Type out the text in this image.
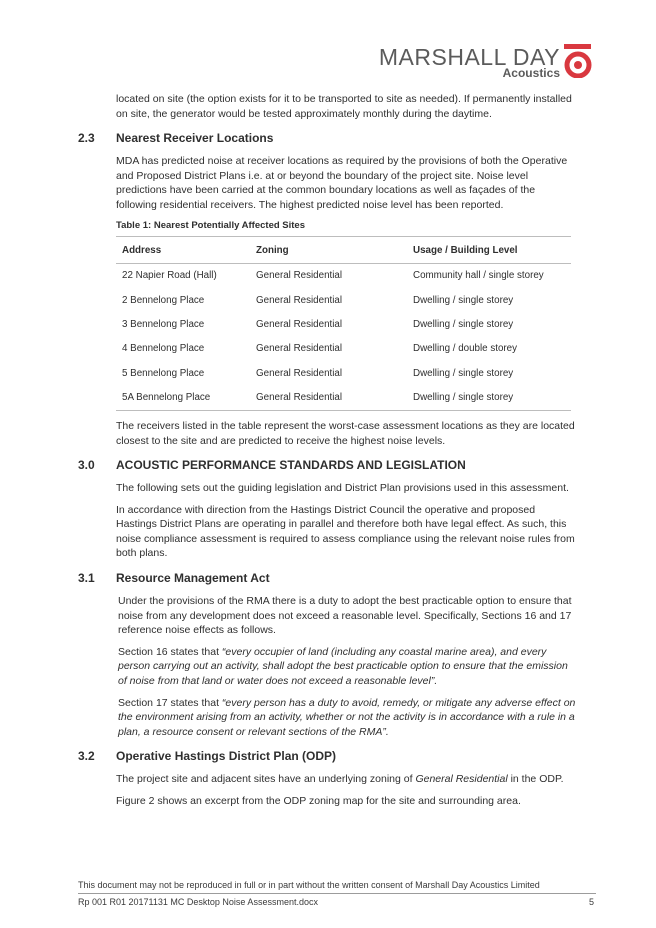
MARSHALL DAY
Acoustics

located on site (the option exists for it to be transported to site as needed). If permanently installed on site, the generator would be tested approximately monthly during the daytime.

2.3 Nearest Receiver Locations

MDA has predicted noise at receiver locations as required by the provisions of both the Operative and Proposed District Plans i.e. at or beyond the boundary of the project site. Noise level predictions have been carried at the common boundary locations as well as façades of the following residential receivers. The highest predicted noise level has been reported.

Table 1: Nearest Potentially Affected Sites
Address	Zoning	Usage / Building Level
22 Napier Road (Hall)	General Residential	Community hall / single storey
2 Bennelong Place	General Residential	Dwelling / single storey
3 Bennelong Place	General Residential	Dwelling / single storey
4 Bennelong Place	General Residential	Dwelling / double storey
5 Bennelong Place	General Residential	Dwelling / single storey
5A Bennelong Place	General Residential	Dwelling / single storey

The receivers listed in the table represent the worst-case assessment locations as they are located closest to the site and are predicted to receive the highest noise levels.

3.0 ACOUSTIC PERFORMANCE STANDARDS AND LEGISLATION

The following sets out the guiding legislation and District Plan provisions used in this assessment.

In accordance with direction from the Hastings District Council the operative and proposed Hastings District Plans are operating in parallel and therefore both have legal effect. As such, this noise compliance assessment is required to assess compliance using the relevant noise rules from both plans.

3.1 Resource Management Act

Under the provisions of the RMA there is a duty to adopt the best practicable option to ensure that noise from any development does not exceed a reasonable level. Specifically, Sections 16 and 17 reference noise effects as follows.

Section 16 states that “every occupier of land (including any coastal marine area), and every person carrying out an activity, shall adopt the best practicable option to ensure that the emission of noise from that land or water does not exceed a reasonable level”.

Section 17 states that “every person has a duty to avoid, remedy, or mitigate any adverse effect on the environment arising from an activity, whether or not the activity is in accordance with a rule in a plan, a resource consent or relevant sections of the RMA”.

3.2 Operative Hastings District Plan (ODP)

The project site and adjacent sites have an underlying zoning of General Residential in the ODP.

Figure 2 shows an excerpt from the ODP zoning map for the site and surrounding area.

This document may not be reproduced in full or in part without the written consent of Marshall Day Acoustics Limited
Rp 001 R01 20171131 MC Desktop Noise Assessment.docx	5
